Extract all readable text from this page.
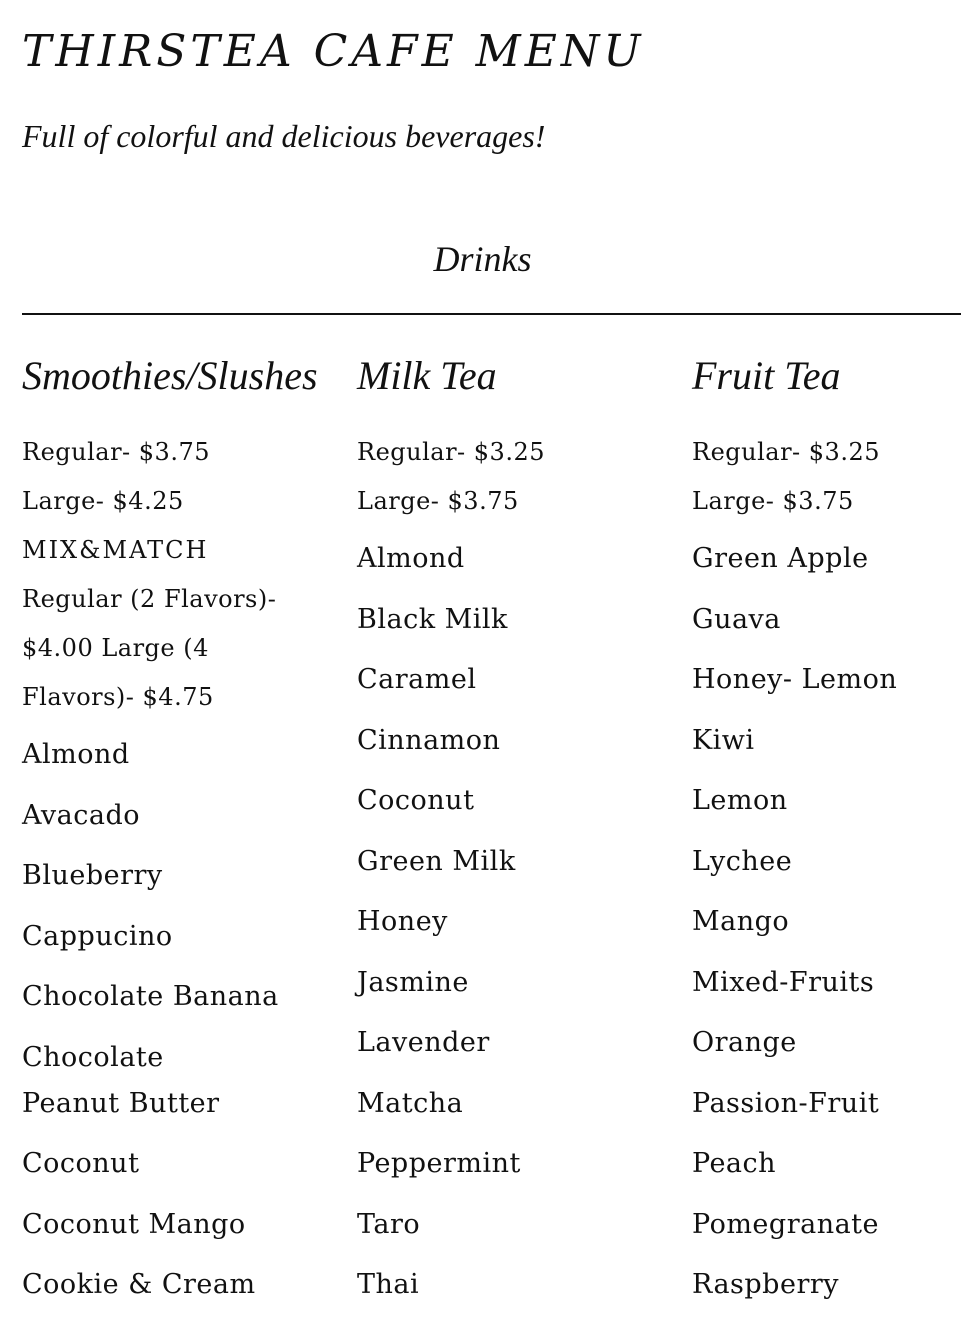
THIRSTEA CAFE MENU
Full of colorful and delicious beverages!
Drinks
Smoothies/Slushes
Regular- $3.75
Large- $4.25
MIX&MATCH
Regular (2 Flavors)-
$4.00 Large (4
Flavors)- $4.75
Almond
Avacado
Blueberry
Cappucino
Chocolate Banana
Chocolate Peanut Butter
Coconut
Coconut Mango
Cookie & Cream
Milk Tea
Regular- $3.25
Large- $3.75
Almond
Black Milk
Caramel
Cinnamon
Coconut
Green Milk
Honey
Jasmine
Lavender
Matcha
Peppermint
Taro
Thai
Fruit Tea
Regular- $3.25
Large- $3.75
Green Apple
Guava
Honey- Lemon
Kiwi
Lemon
Lychee
Mango
Mixed-Fruits
Orange
Passion-Fruit
Peach
Pomegranate
Raspberry
